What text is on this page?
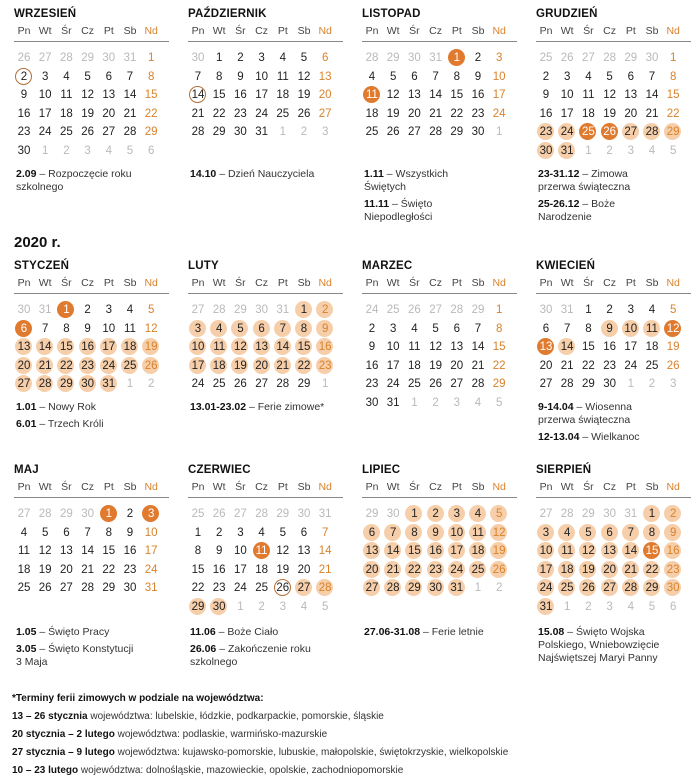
WRZESIEŃ
Pn Wt Śr Cz Pt Sb Nd
26 27 28 29 30 31	1
2	3	4	5	6	7	8
9	10 11 12 13 14 15
16 17 18 19 20 21 22
23 24 25 26 27 28 29
30	1	2	3	4	5	6
2.09 – Rozpoczęcie roku szkolnego
PAŹDZIERNIK
Pn Wt Śr Cz Pt Sb Nd
30	1	2	3	4	5	6
7	8	9	10 11 12 13
14 15 16 17 18 19 20
21 22 23 24 25 26 27
28 29 30 31	1	2	3
14.10 – Dzień Nauczyciela
LISTOPAD
Pn Wt Śr Cz Pt Sb Nd
28 29 30 31	1	2	3
4	5	6	7	8	9	10
11 12 13 14 15 16 17
18 19 20 21 22 23 24
25 26 27 28 29 30	1
1.11 – Wszystkich Świętych
11.11 – Święto Niepodległości
GRUDZIEŃ
Pn Wt Śr Cz Pt Sb Nd
25 26 27 28 29 30	1
2	3	4	5	6	7	8
9	10 11 12 13 14 15
16 17 18 19 20 21 22
23 24 25 26 27 28 29
30 31	1	2	3	4	5
23-31.12 – Zimowa przerwa świąteczna
25-26.12 – Boże Narodzenie
STYCZEŃ
Pn Wt Śr Cz Pt Sb Nd
30 31	1	2	3	4	5
6	7	8	9	10 11 12
13 14 15 16 17 18 19
20 21 22 23 24 25 26
27 28 29 30 31	1	2
1.01 – Nowy Rok
6.01 – Trzech Króli
LUTY
Pn Wt Śr Cz Pt Sb Nd
27 28 29 30 31	1	2
3	4	5	6	7	8	9
10 11 12 13 14 15 16
17 18 19 20 21 22 23
24 25 26 27 28 29	1
13.01-23.02 – Ferie zimowe*
MARZEC
Pn Wt Śr Cz Pt Sb Nd
24 25 26 27 28 29	1
2	3	4	5	6	7	8
9	10 11 12 13 14 15
16 17 18 19 20 21 22
23 24 25 26 27 28 29
30 31	1	2	3	4	5
KWIECIEŃ
Pn Wt Śr Cz Pt Sb Nd
30 31	1	2	3	4	5
6	7	8	9	10 11 12
13 14 15 16 17 18 19
20 21 22 23 24 25 26
27 28 29 30	1	2	3
9-14.04 – Wiosenna przerwa świąteczna
12-13.04 – Wielkanoc
MAJ
Pn Wt Śr Cz Pt Sb Nd
27 28 29 30	1	2	3
4	5	6	7	8	9	10
11 12 13 14 15 16 17
18 19 20 21 22 23 24
25 26 27 28 29 30 31
1.05 – Święto Pracy
3.05 – Święto Konstytucji 3 Maja
CZERWIEC
Pn Wt Śr Cz Pt Sb Nd
25 26 27 28 29 30 31
1	2	3	4	5	6	7
8	9	10 11 12 13 14
15 16 17 18 19 20 21
22 23 24 25 26 27 28
29 30	1	2	3	4	5
11.06 – Boże Ciało
26.06 – Zakończenie roku szkolnego
LIPIEC
Pn Wt Śr Cz Pt Sb Nd
29 30	1	2	3	4	5
6	7	8	9	10 11 12
13 14 15 16 17 18 19
20 21 22 23 24 25 26
27 28 29 30 31	1	2
27.06-31.08 – Ferie letnie
SIERPIEŃ
Pn Wt Śr Cz Pt Sb Nd
27 28 29 30 31	1	2
3	4	5	6	7	8	9
10 11 12 13 14 15 16
17 18 19 20 21 22 23
24 25 26 27 28 29 30
31	1	2	3	4	5	6
15.08 – Święto Wojska Polskiego, Wniebowzięcie Najświętszej Maryi Panny
2020 r.
*Terminy ferii zimowych w podziale na województwa:
13 – 26 stycznia województwa: lubelskie, łódzkie, podkarpackie, pomorskie, śląskie
20 stycznia – 2 lutego województwa: podlaskie, warmińsko-mazurskie
27 stycznia – 9 lutego województwa: kujawsko-pomorskie, lubuskie, małopolskie, świętokrzyskie, wielkopolskie
10 – 23 lutego województwa: dolnośląskie, mazowieckie, opolskie, zachodniopomorskie
